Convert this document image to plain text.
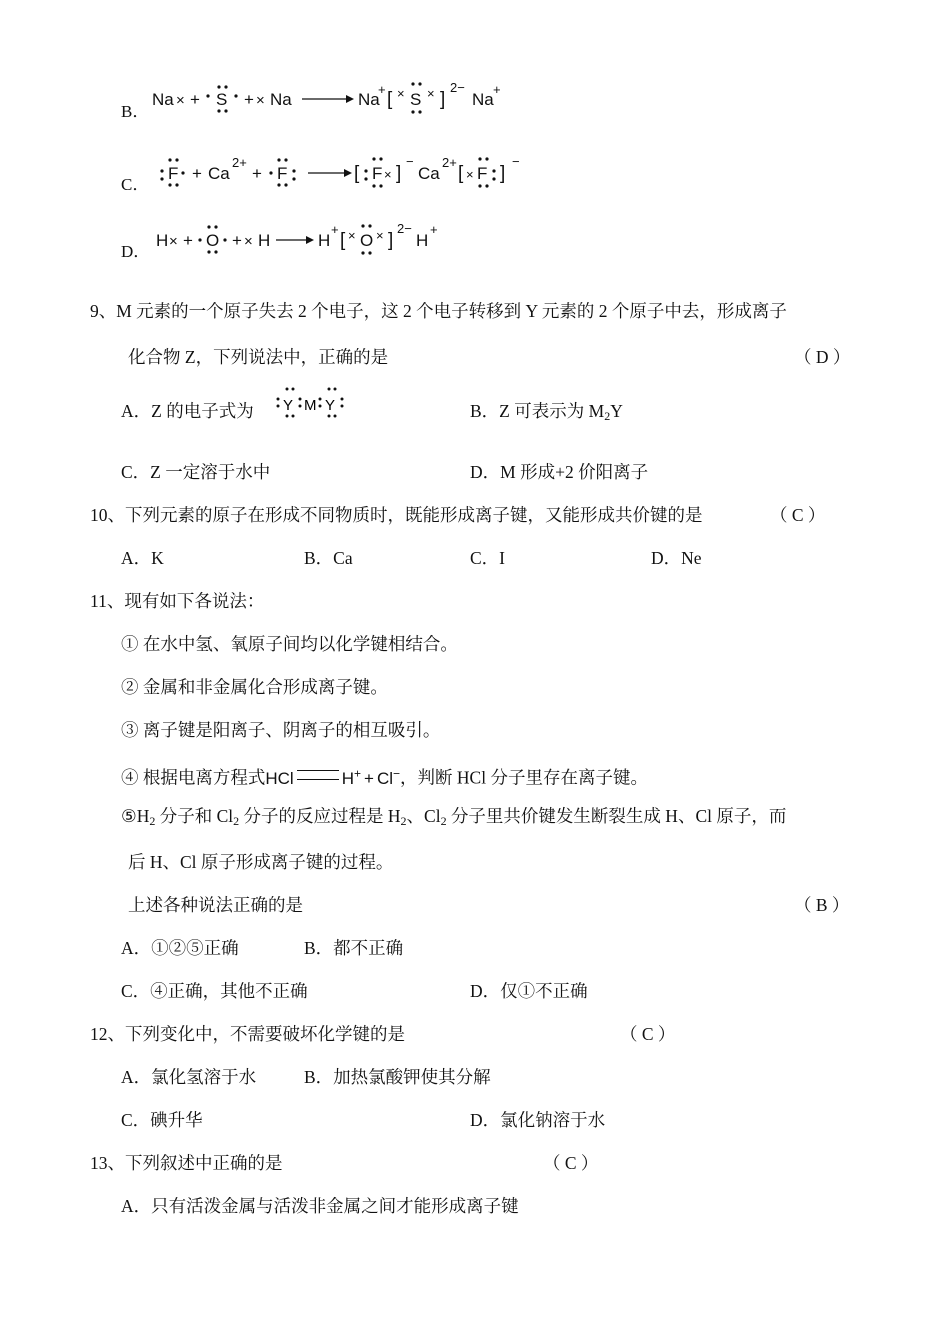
B．
Na × + S + × Na	Na
+ [ × S × ]
2−
Na
+
C．
F + Ca
2+
+ F	[ F × ]
−
Ca
2+
[ × F ]
−
D．
H × + O + × H	H
+
[ × O × ]
2−
H
+
9、M 元素的一个原子失去 2 个电子，这 2 个电子转移到 Y 元素的 2 个原子中去，形成离子
化合物 Z，下列说法中，正确的是	（ D ）
A．Z 的电子式为 Y M Y	B．Z 可表示为 $M_2Y$
C．Z 一定溶于水中	D．M 形成+2 价阳离子
10、下列元素的原子在形成不同物质时，既能形成离子键，又能形成共价键的是	（ C ）
A．K	B．Ca	C．I	D．Ne
11、现有如下各说法：
① 在水中氢、氧原子间均以化学键相结合。
② 金属和非金属化合形成离子键。
③ 离子键是阳离子、阴离子的相互吸引。
④ 根据电离方程式HCl	H+ + Cl−，判断 HCl 分子里存在离子键。
$⑤H_2$ 分子和 $Cl_2$ 分子的反应过程是 $H_2$、$Cl_2$ 分子里共价键发生断裂生成 H、Cl 原子，而
后 H、Cl 原子形成离子键的过程。
上述各种说法正确的是	（ B ）
A．①②⑤正确	B．都不正确
C．④正确，其他不正确	D．仅①不正确
12、下列变化中，不需要破坏化学键的是	（ C ）
A．氯化氢溶于水	B．加热氯酸钾使其分解
C．碘升华	D．氯化钠溶于水
13、下列叙述中正确的是	（ C ）
A．只有活泼金属与活泼非金属之间才能形成离子键
